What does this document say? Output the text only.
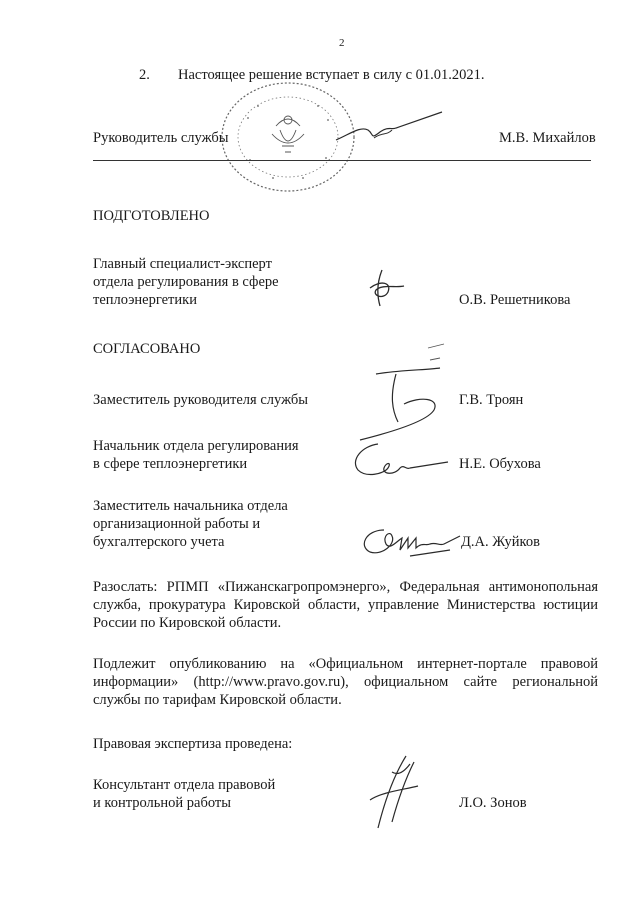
2
2. Настоящее решение вступает в силу с 01.01.2021.
Руководитель службы	М.В. Михайлов
ПОДГОТОВЛЕНО
Главный специалист-эксперт
отдела регулирования в сфере
теплоэнергетики	О.В. Решетникова
СОГЛАСОВАНО
Заместитель руководителя службы	Г.В. Троян
Начальник отдела регулирования
в сфере теплоэнергетики	Н.Е. Обухова
Заместитель начальника отдела
организационной работы и
бухгалтерского учета	Д.А. Жуйков
Разослать: РПМП «Пижанскагропромэнерго», Федеральная антимонопольная служба, прокуратура Кировской области, управление Министерства юстиции России по Кировской области.
Подлежит опубликованию на «Официальном интернет-портале правовой информации» (http://www.pravo.gov.ru), официальном сайте региональной службы по тарифам Кировской области.
Правовая экспертиза проведена:
Консультант отдела правовой
и контрольной работы	Л.О. Зонов
